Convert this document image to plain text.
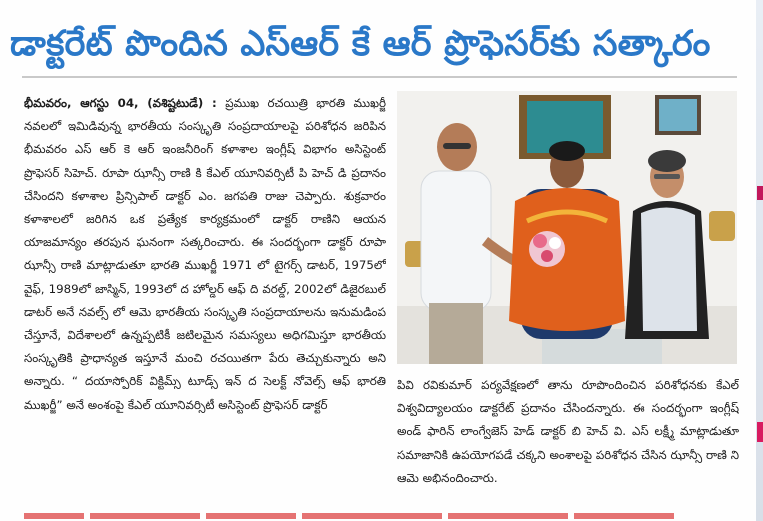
డాక్టరేట్ పొందిన ఎస్‌ఆర్ కే ఆర్ ప్రొఫెసర్‌కు సత్కారం

భీమవరం, ఆగస్టు 04, (వశిష్టటుడే) : ప్రముఖ రచయిత్రి భారతి ముఖర్జీ నవలలో ఇమిడివున్న భారతీయ సంస్కృతి సంప్రదాయాలపై పరిశోధన జరిపిన భీమవరం ఎస్ ఆర్ కె ఆర్ ఇంజనీరింగ్ కళాశాల ఇంగ్లీష్ విభాగం అసిస్టెంట్ ప్రొఫెసర్ సిహెచ్. రూపా ఝాన్సీ రాణి కి కేఎల్ యూనివర్సిటీ పి హెచ్ డి ప్రదానం చేసిందని కళాశాల ప్రిన్సిపాల్ డాక్టర్ ఎం. జగపతి రాజు చెప్పారు. శుక్రవారం కళాశాలలో జరిగిన ఒక ప్రత్యేక కార్యక్రమంలో డాక్టర్ రాణిని ఆయన యాజమాన్యం తరపున ఘనంగా సత్కరించారు. ఈ సందర్భంగా డాక్టర్ రూపా ఝాన్సీ రాణి మాట్లాడుతూ భారతి ముఖర్జీ 1971 లో టైగర్స్ డాటర్, 1975లో వైఫ్, 1989లో జాస్మిన్, 1993లో ద హోల్డర్ ఆఫ్ ది వరల్డ్, 2002లో డిజైరబుల్ డాటర్ అనే నవల్స్ లో ఆమె భారతీయ సంస్కృతి సంప్రదాయాలను ఇనుమడింప చేస్తూనే, విదేశాలలో ఉన్నప్పటికీ జటిలమైన సమస్యలు అధిగమిస్తూ భారతీయ సంస్కృతికి ప్రాధాన్యత ఇస్తూనే మంచి రచయితగా పేరు తెచ్చుకున్నారు అని అన్నారు. “ దయాస్పోరిక్ విక్టిమ్స్ టూడ్స్ ఇన్ ద సెలక్ట్ నోవెల్స్ ఆఫ్ భారతి ముఖర్జీ” అనే అంశంపై కేఎల్ యూనివర్సిటీ అసిస్టెంట్ ప్రొఫెసర్ డాక్టర్

పివి రవికుమార్ పర్యవేక్షణలో తాను రూపొందించిన పరిశోధనకు కేఎల్ విశ్వవిద్యాలయం డాక్టరేట్ ప్రదానం చేసిందన్నారు. ఈ సందర్భంగా ఇంగ్లీష్ అండ్ ఫారిన్ లాంగ్వేజెస్ హెడ్ డాక్టర్ బి హెచ్ వి. ఎస్ లక్ష్మీ మాట్లాడుతూ సమాజానికి ఉపయోగపడే చక్కని అంశాలపై పరిశోధన చేసిన ఝాన్సీ రాణి ని ఆమె అభినందించారు.
